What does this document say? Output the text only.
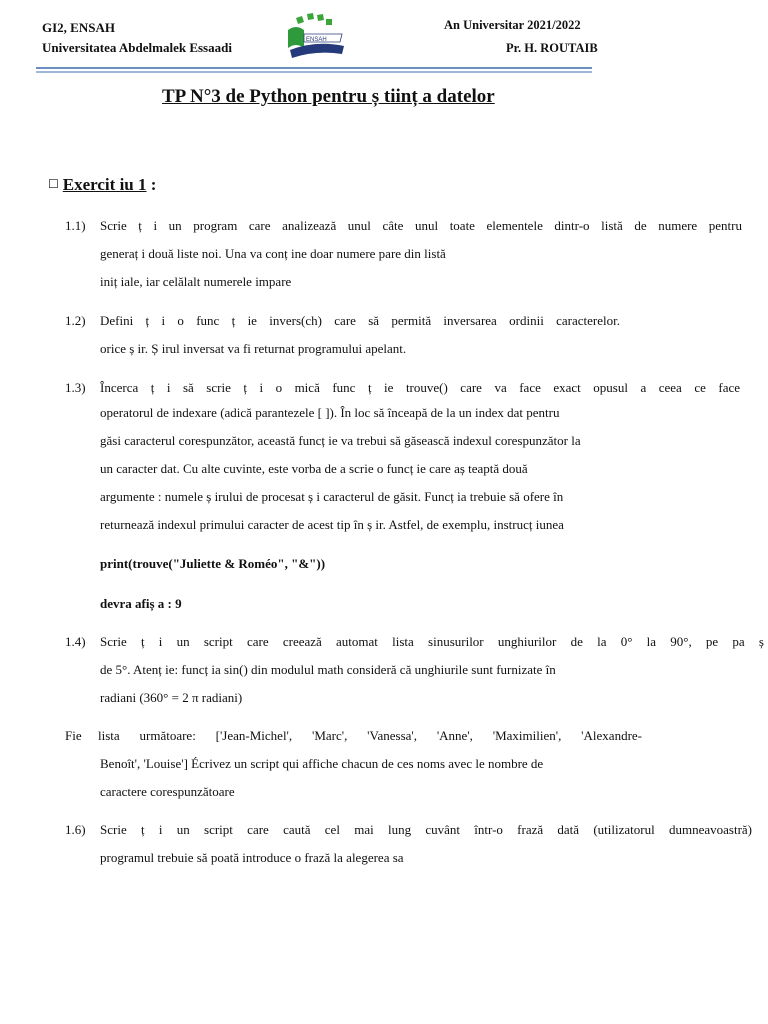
GI2, ENSAH
Universitatea Abdelmalek Essaadi	ENSAH
An Universitar 2021/2022
Pr. H. ROUTAIB
TP N°3 de Python pentru ș tiinț a datelor
☐ Exercit iu 1 :
1.1) Scrie ț i un program care analizează unul câte unul toate elementele dintr-o listă de numere pentru
generaț i două liste noi. Una va conț ine doar numere pare din listă
iniț iale, iar celălalt numerele impare
1.2) Defini ț i o func ț ie invers(ch) care să permită inversarea ordinii caracterelor.
orice ș ir. Ș irul inversat va fi returnat programului apelant.
1.3) Încerca ț i să scrie ț i o mică func ț ie trouve() care va face exact opusul a ceea ce face
operatorul de indexare (adică parantezele [ ]). În loc să înceapă de la un index dat pentru
găsi caracterul corespunzător, această funcț ie va trebui să găsească indexul corespunzător la
un caracter dat. Cu alte cuvinte, este vorba de a scrie o funcț ie care aș teaptă două
argumente : numele ș irului de procesat ș i caracterul de găsit. Funcț ia trebuie să ofere în
returnează indexul primului caracter de acest tip în ș ir. Astfel, de exemplu, instrucț iunea
print(trouve("Juliette & Roméo", "&"))
devra afiș a : 9
1.4) Scrie ț i un script care creează automat lista sinusurilor unghiurilor de la 0° la 90°, pe pa ș
de 5°. Atenț ie: funcț ia sin() din modulul math consideră că unghiurile sunt furnizate în
radiani (360° = 2 π radiani)
Fie lista următoare: ['Jean-Michel', 'Marc', 'Vanessa', 'Anne', 'Maximilien', 'Alexandre-
Benoît', 'Louise'] Écrivez un script qui affiche chacun de ces noms avec le nombre de
caractere corespunzătoare
1.6) Scrie ț i un script care caută cel mai lung cuvânt într-o frază dată (utilizatorul dumneavoastră)
programul trebuie să poată introduce o frază la alegerea sa
